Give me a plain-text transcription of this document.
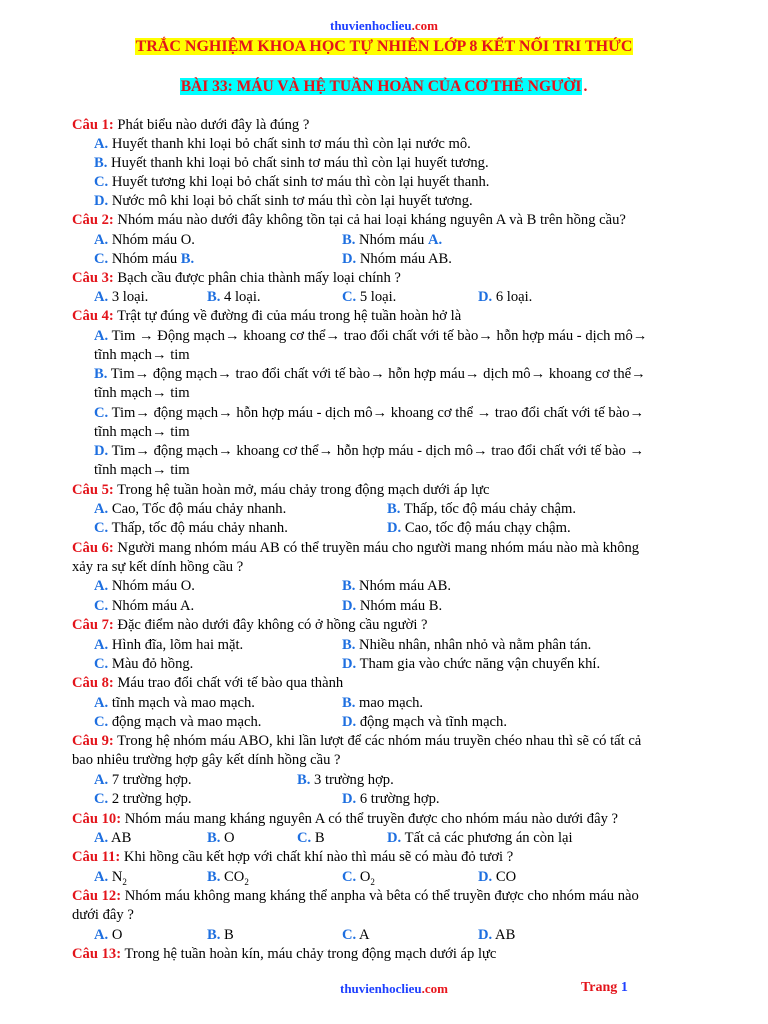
thuvienhoclieu.com
TRẮC NGHIỆM KHOA HỌC TỰ NHIÊN LỚP 8 KẾT NỐI TRI THỨC
BÀI 33: MÁU VÀ HỆ TUẦN HOÀN CỦA CƠ THỂ NGƯỜI .
Câu 1: Phát biểu nào dưới đây là đúng ?
A. Huyết thanh khi loại bỏ chất sinh tơ máu thì còn lại nước mô.
B. Huyết thanh khi loại bỏ chất sinh tơ máu thì còn lại huyết tương.
C. Huyết tương khi loại bỏ chất sinh tơ máu thì còn lại huyết thanh.
D. Nước mô khi loại bỏ chất sinh tơ máu thì còn lại huyết tương.
Câu 2: Nhóm máu nào dưới đây không tồn tại cả hai loại kháng nguyên A và B trên hồng cầu?
A. Nhóm máu O.	B. Nhóm máu A.
C. Nhóm máu B.	D. Nhóm máu AB.
Câu 3: Bạch cầu được phân chia thành mấy loại chính ?
A. 3 loại.	B. 4 loại.	C. 5 loại.	D. 6 loại.
Câu 4: Trật tự đúng về đường đi của máu trong hệ tuần hoàn hở là
A. Tim → Động mạch→ khoang cơ thể→ trao đổi chất với tế bào→ hỗn hợp máu - dịch mô→
tĩnh mạch→ tim
B. Tim→ động mạch→ trao đổi chất với tế bào→ hỗn hợp máu→ dịch mô→ khoang cơ thể→
tĩnh mạch→ tim
C. Tim→ động mạch→ hỗn hợp máu - dịch mô→ khoang cơ thể → trao đổi chất với tế bào→
tĩnh mạch→ tim
D. Tim→ động mạch→ khoang cơ thể→ hỗn hợp máu - dịch mô→ trao đổi chất với tế bào →
tĩnh mạch→ tim
Câu 5: Trong hệ tuần hoàn mở, máu chảy trong động mạch dưới áp lực
A. Cao, Tốc độ máu chảy nhanh.	B. Thấp, tốc độ máu chảy chậm.
C. Thấp, tốc độ máu chảy nhanh.	D. Cao, tốc độ máu chạy chậm.
Câu 6: Người mang nhóm máu AB có thể truyền máu cho người mang nhóm máu nào mà không
xảy ra sự kết dính hồng cầu ?
A. Nhóm máu O.	B. Nhóm máu AB.
C. Nhóm máu A.	D. Nhóm máu B.
Câu 7: Đặc điểm nào dưới đây không có ở hồng cầu người ?
A. Hình đĩa, lõm hai mặt.	B. Nhiều nhân, nhân nhỏ và nằm phân tán.
C. Màu đỏ hồng.	D. Tham gia vào chức năng vận chuyển khí.
Câu 8: Máu trao đổi chất với tế bào qua thành
A. tĩnh mạch và mao mạch.	B. mao mạch.
C. động mạch và mao mạch.	D. động mạch và tĩnh mạch.
Câu 9: Trong hệ nhóm máu ABO, khi lần lượt để các nhóm máu truyền chéo nhau thì sẽ có tất cả
bao nhiêu trường hợp gây kết dính hồng cầu ?
A. 7 trường hợp.	B. 3 trường hợp.
C. 2 trường hợp.	D. 6 trường hợp.
Câu 10: Nhóm máu mang kháng nguyên A có thể truyền được cho nhóm máu nào dưới đây ?
A. AB	B. O	C. B	D. Tất cả các phương án còn lại
Câu 11: Khi hồng cầu kết hợp với chất khí nào thì máu sẽ có màu đỏ tươi ?
A. $N_2$	B. $CO_2$	C. $O_2$	D. CO
Câu 12: Nhóm máu không mang kháng thể anpha và bêta có thể truyền được cho nhóm máu nào
dưới đây ?
A. O	B. B	C. A	D. AB
Câu 13: Trong hệ tuần hoàn kín, máu chảy trong động mạch dưới áp lực
thuvienhoclieu.com	Trang 1
